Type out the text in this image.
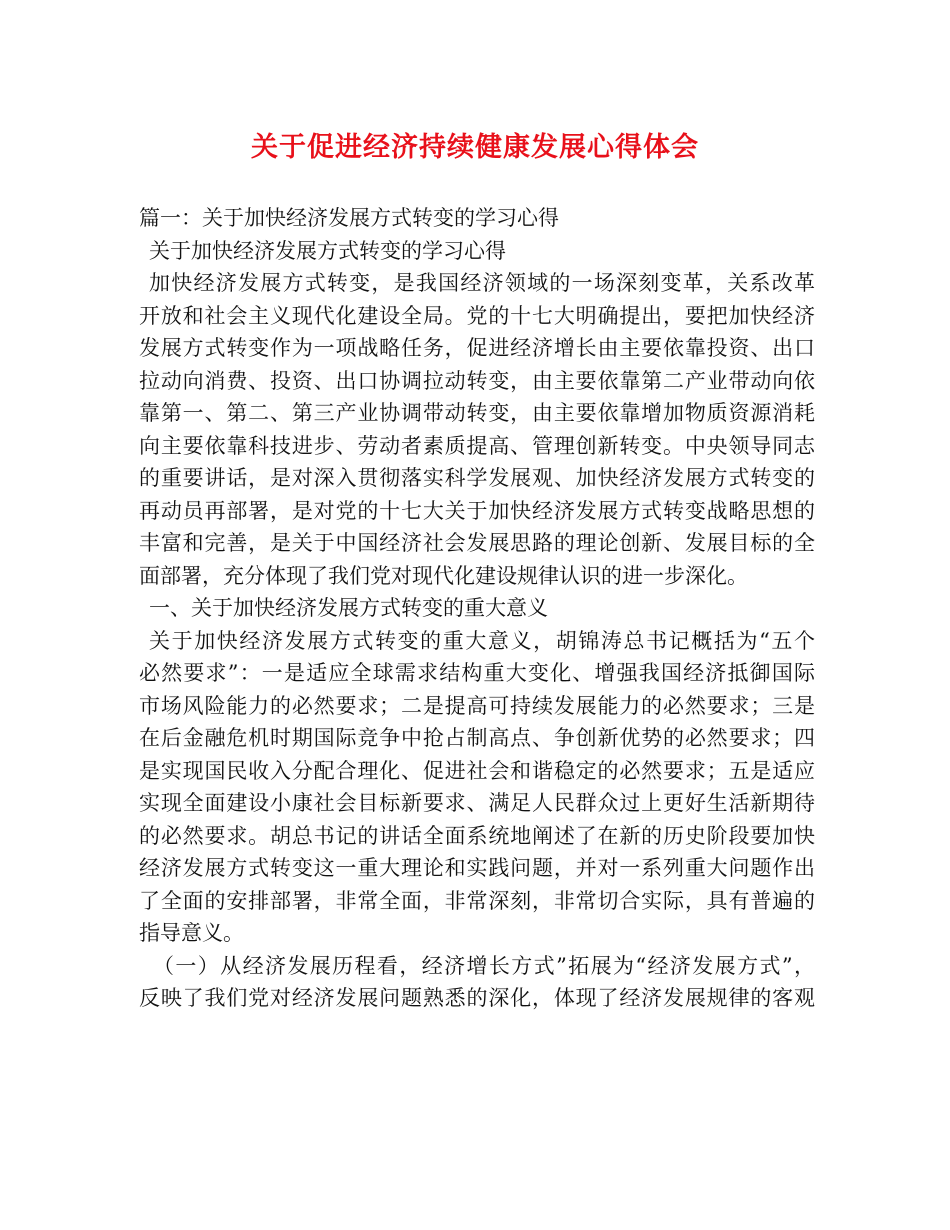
关于促进经济持续健康发展心得体会
篇一：关于加快经济发展方式转变的学习心得
关于加快经济发展方式转变的学习心得
加快经济发展方式转变，是我国经济领域的一场深刻变革，关系改革
开放和社会主义现代化建设全局。党的十七大明确提出，要把加快经济
发展方式转变作为一项战略任务，促进经济增长由主要依靠投资、出口
拉动向消费、投资、出口协调拉动转变，由主要依靠第二产业带动向依
靠第一、第二、第三产业协调带动转变，由主要依靠增加物质资源消耗
向主要依靠科技进步、劳动者素质提高、管理创新转变。中央领导同志
的重要讲话，是对深入贯彻落实科学发展观、加快经济发展方式转变的
再动员再部署，是对党的十七大关于加快经济发展方式转变战略思想的
丰富和完善，是关于中国经济社会发展思路的理论创新、发展目标的全
面部署，充分体现了我们党对现代化建设规律认识的进一步深化。
一、关于加快经济发展方式转变的重大意义
关于加快经济发展方式转变的重大意义，胡锦涛总书记概括为“五个
必然要求”：一是适应全球需求结构重大变化、增强我国经济抵御国际
市场风险能力的必然要求；二是提高可持续发展能力的必然要求；三是
在后金融危机时期国际竞争中抢占制高点、争创新优势的必然要求；四
是实现国民收入分配合理化、促进社会和谐稳定的必然要求；五是适应
实现全面建设小康社会目标新要求、满足人民群众过上更好生活新期待
的必然要求。胡总书记的讲话全面系统地阐述了在新的历史阶段要加快
经济发展方式转变这一重大理论和实践问题，并对一系列重大问题作出
了全面的安排部署，非常全面，非常深刻，非常切合实际，具有普遍的
指导意义。
（一）从经济发展历程看，经济增长方式”拓展为“经济发展方式”，
反映了我们党对经济发展问题熟悉的深化，体现了经济发展规律的客观
